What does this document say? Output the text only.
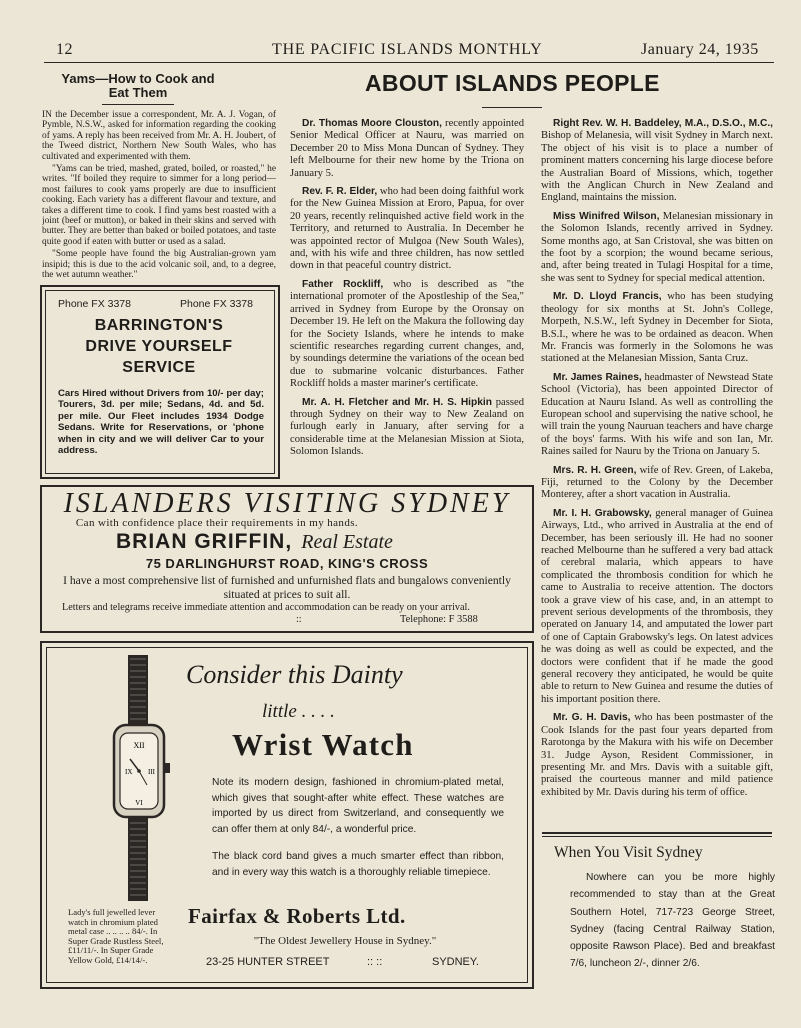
12	THE PACIFIC ISLANDS MONTHLY	January 24, 1935
Yams—How to Cook and Eat Them

IN the December issue a correspondent, Mr. A. J. Vogan, of Pymble, N.S.W., asked for information regarding the cooking of yams. A reply has been received from Mr. A. H. Joubert, of the Tweed district, Northern New South Wales, who has cultivated and experimented with them.

"Yams can be tried, mashed, grated, boiled, or roasted," he writes. "If boiled they require to simmer for a long period—most failures to cook yams properly are due to insufficient cooking. Each variety has a different flavour and texture, and takes a different time to cook. I find yams best roasted with a joint (beef or mutton), or baked in their skins and served with butter. They are better than baked or boiled potatoes, and taste quite good if eaten with butter or used as a salad.

"Some people have found the big Australian-grown yam insipid; this is due to the acid volcanic soil, and, to a degree, the wet autumn weather."

Phone FX 3378	Phone FX 3378
BARRINGTON'S
DRIVE YOURSELF
SERVICE
Cars Hired without Drivers from 10/- per day; Tourers, 3d. per mile; Sedans, 4d. and 5d. per mile. Our Fleet includes 1934 Dodge Sedans. Write for Reservations, or 'phone when in city and we will deliver Car to your address.
ABOUT ISLANDS PEOPLE

Dr. Thomas Moore Clouston, recently appointed Senior Medical Officer at Nauru, was married on December 20 to Miss Mona Duncan of Sydney. They left Melbourne for their new home by the Triona on January 5.

Rev. F. R. Elder, who had been doing faithful work for the New Guinea Mission at Eroro, Papua, for over 20 years, recently relinquished active field work in the Territory, and returned to Australia. In December he was appointed rector of Mulgoa (New South Wales), and, with his wife and three children, has now settled down in that peaceful country district.

Father Rockliff, who is described as "the international promoter of the Apostleship of the Sea," arrived in Sydney from Europe by the Oronsay on December 19. He left on the Makura the following day for the Society Islands, where he intends to make scientific researches regarding current changes, and, by soundings determine the variations of the ocean bed due to submarine volcanic disturbances. Father Rockliff holds a master mariner's certificate.

Mr. A. H. Fletcher and Mr. H. S. Hipkin passed through Sydney on their way to New Zealand on furlough early in January, after serving for a considerable time at the Melanesian Mission at Siota, Solomon Islands.

Right Rev. W. H. Baddeley, M.A., D.S.O., M.C., Bishop of Melanesia, will visit Sydney in March next. The object of his visit is to place a number of prominent matters concerning his large diocese before the Australian Board of Missions, which, together with the Anglican Church in New Zealand and England, maintains the mission.

Miss Winifred Wilson, Melanesian missionary in the Solomon Islands, recently arrived in Sydney. Some months ago, at San Cristoval, she was bitten on the foot by a scorpion; the wound became serious, and, after being treated in Tulagi Hospital for a time, she was sent to Sydney for special medical attention.

Mr. D. Lloyd Francis, who has been studying theology for six months at St. John's College, Morpeth, N.S.W., left Sydney in December for Siota, B.S.I., where he was to be ordained as deacon. When Mr. Francis was formerly in the Solomons he was stationed at the Melanesian Mission, Santa Cruz.

Mr. James Raines, headmaster of Newstead State School (Victoria), has been appointed Director of Education at Nauru Island. As well as controlling the European school and supervising the native school, he will train the young Nauruan teachers and have charge of the boys' farms. With his wife and son Ian, Mr. Raines sailed for Nauru by the Triona on January 5.

Mrs. R. H. Green, wife of Rev. Green, of Lakeba, Fiji, returned to the Colony by the December Monterey, after a short vacation in Australia.

Mr. I. H. Grabowsky, general manager of Guinea Airways, Ltd., who arrived in Australia at the end of December, has been seriously ill. He had no sooner reached Melbourne than he suffered a very bad attack of cerebral malaria, which appears to have complicated the thrombosis condition for which he came to Australia to receive attention. The doctors took a grave view of his case, and, in an attempt to prevent serious developments of the thrombosis, they operated on January 14, and amputated the lower part of one of Captain Grabowsky's legs. On latest advices he was doing as well as could be expected, and the doctors were confident that if he made the good general recovery they anticipated, he would be quite able to return to New Guinea and resume the duties of his important position there.

Mr. G. H. Davis, who has been postmaster of the Cook Islands for the past four years departed from Rarotonga by the Makura with his wife on December 31. Judge Ayson, Resident Commissioner, in presenting Mr. and Mrs. Davis with a suitable gift, praised the courteous manner and mild patience exhibited by Mr. Davis during his term of office.

ISLANDERS VISITING SYDNEY
Can with confidence place their requirements in my hands.
BRIAN GRIFFIN, Real Estate
75 DARLINGHURST ROAD, KING'S CROSS
I have a most comprehensive list of furnished and unfurnished flats and bungalows conveniently situated at prices to suit all.
Letters and telegrams receive immediate attention and accommodation can be ready on your arrival.
::	Telephone: F 3588
XII
VI
IX III
Consider this Dainty
little . . . .
Wrist Watch
Note its modern design, fashioned in chromium-plated metal, which gives that sought-after white effect. These watches are imported by us direct from Switzerland, and consequently we can offer them at only 84/-, a wonderful price.
The black cord band gives a much smarter effect than ribbon, and in every way this watch is a thoroughly reliable timepiece.
Lady's full jewelled lever watch in chromium plated metal case .. .. .. .. 84/-. In Super Grade Rustless Steel, £11/11/-. In Super Grade Yellow Gold, £14/14/-.
Fairfax & Roberts Ltd.
"The Oldest Jewellery House in Sydney."
23-25 HUNTER STREET	:: ::	SYDNEY.
When You Visit Sydney
Nowhere can you be more highly recommended to stay than at the Great Southern Hotel, 717-723 George Street, Sydney (facing Central Railway Station, opposite Rawson Place). Bed and breakfast 7/6, luncheon 2/-, dinner 2/6.
